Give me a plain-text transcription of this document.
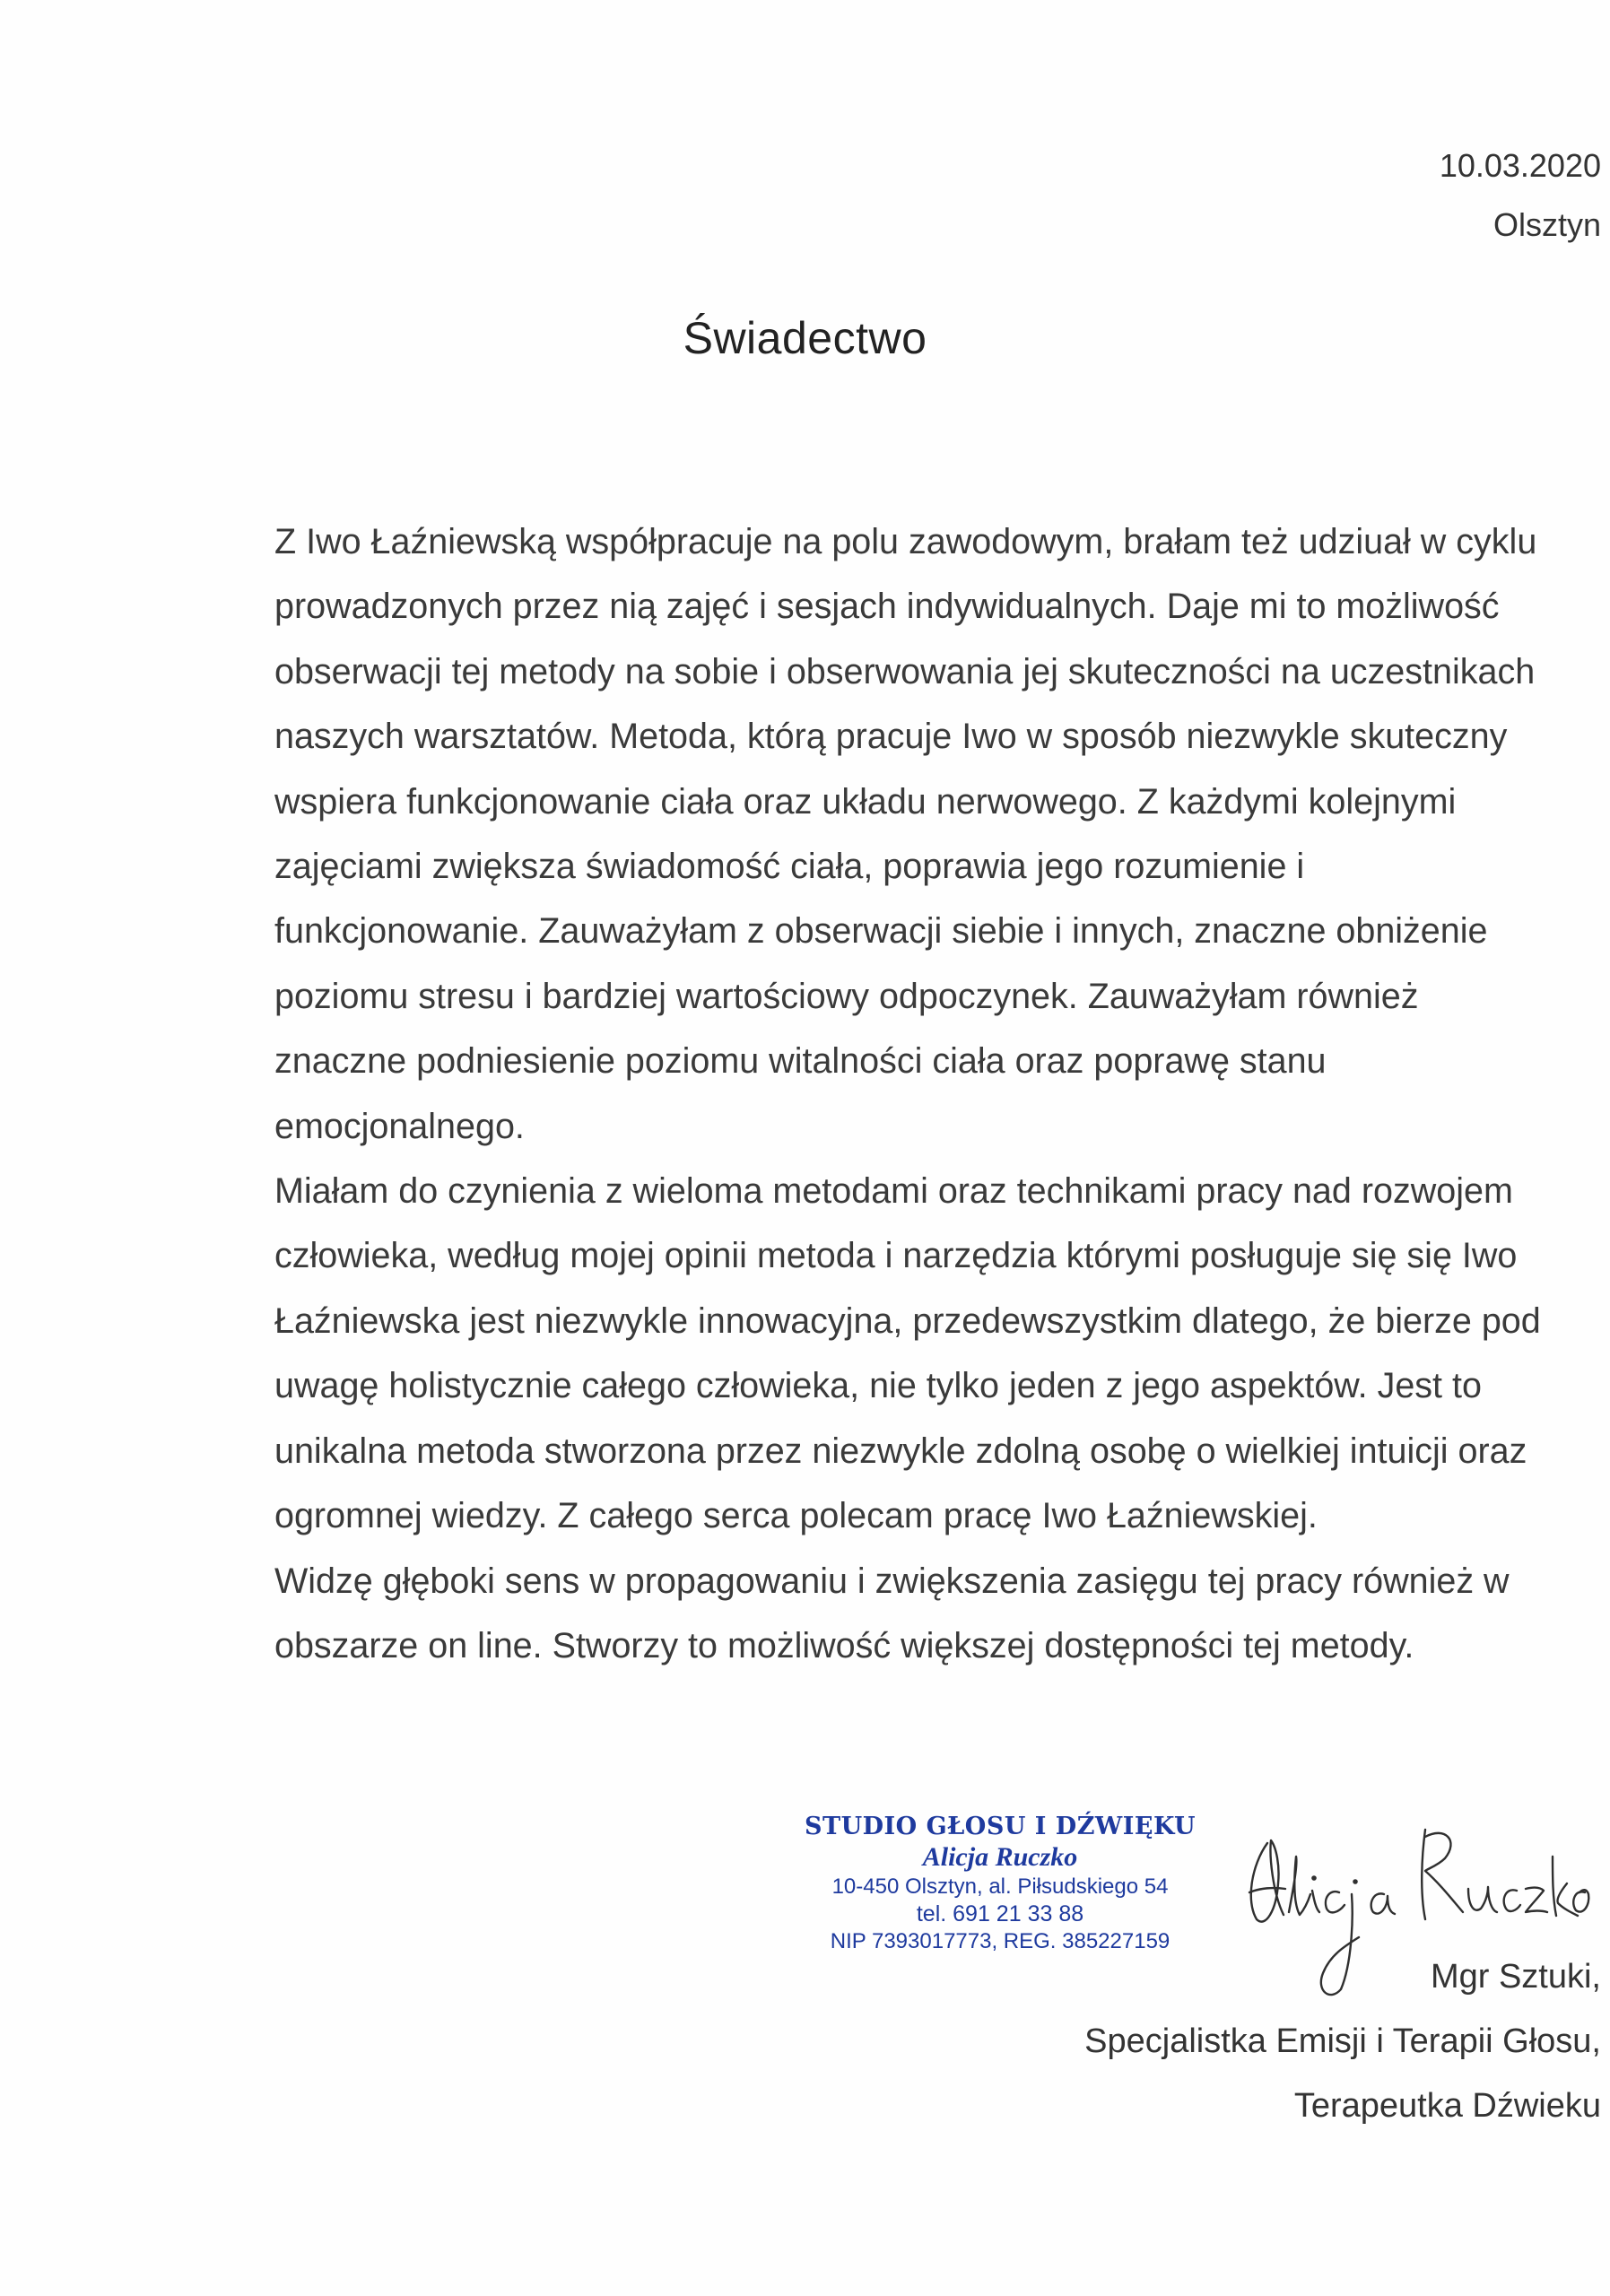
10.03.2020
Olsztyn
Świadectwo
Z Iwo Łaźniewską współpracuje na polu zawodowym, brałam też udziuał w cyklu
prowadzonych przez nią zajęć i sesjach indywidualnych. Daje mi to możliwość
obserwacji tej metody na sobie i obserwowania jej skuteczności na uczestnikach
naszych warsztatów. Metoda, którą pracuje Iwo w sposób niezwykle skuteczny
wspiera funkcjonowanie ciała oraz układu nerwowego. Z każdymi kolejnymi
zajęciami zwiększa świadomość ciała, poprawia jego rozumienie i
funkcjonowanie. Zauważyłam z obserwacji siebie i innych, znaczne obniżenie
poziomu stresu i bardziej wartościowy odpoczynek. Zauważyłam również
znaczne podniesienie poziomu witalności ciała oraz poprawę stanu
emocjonalnego.
Miałam do czynienia z wieloma metodami oraz technikami pracy nad rozwojem
człowieka, według mojej opinii metoda i narzędzia którymi posługuje się się Iwo
Łaźniewska jest niezwykle innowacyjna, przedewszystkim dlatego, że bierze pod
uwagę holistycznie całego człowieka, nie tylko jeden z jego aspektów. Jest to
unikalna metoda stworzona przez niezwykle zdolną osobę o wielkiej intuicji oraz
ogromnej wiedzy. Z całego serca polecam pracę Iwo Łaźniewskiej.
Widzę głęboki sens w propagowaniu i zwiększenia zasięgu tej pracy również w
obszarze on line. Stworzy to możliwość większej dostępności tej metody.
STUDIO GŁOSU I DŹWIĘKU
Alicja Ruczko
10-450 Olsztyn, al. Piłsudskiego 54
tel. 691 21 33 88
NIP 7393017773, REG. 385227159
Mgr Sztuki,
Specjalistka Emisji i Terapii Głosu,
Terapeutka Dźwieku
